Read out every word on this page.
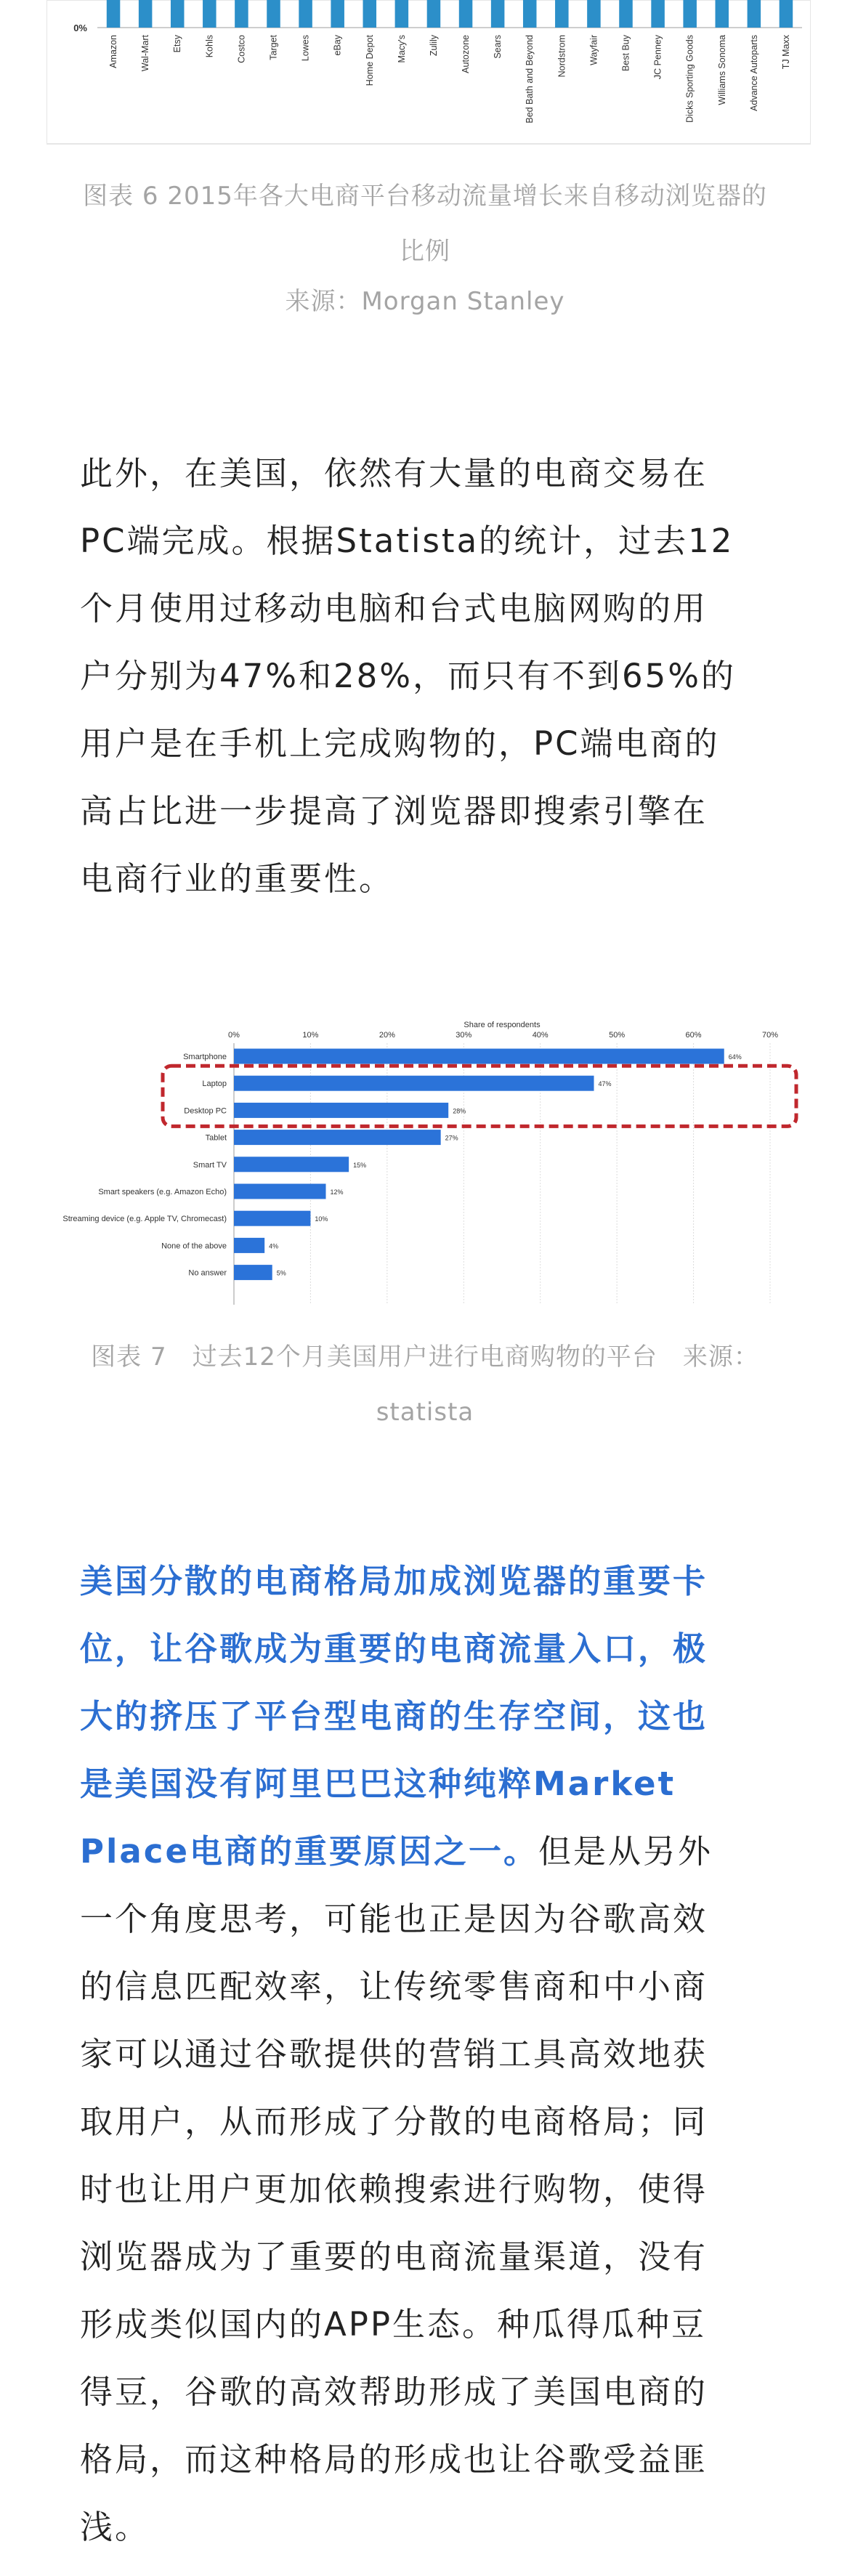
0%
Amazon Wal-Mart Etsy Kohls Costco Target Lowes eBay Home Depot Macy's Zulily Autozone Sears Bed Bath and Beyond Nordstrom Wayfair Best Buy JC Penney Dicks Sporting Goods Williams Sonoma Advance Autoparts TJ Maxx
图表 6 2015年各大电商平台移动流量增长来自移动浏览器的
比例
来源：Morgan Stanley
此外，在美国，依然有大量的电商交易在
PC端完成。根据Statista的统计，过去12
个月使用过移动电脑和台式电脑网购的用
户分别为47%和28%，而只有不到65%的
用户是在手机上完成购物的，PC端电商的
高占比进一步提高了浏览器即搜索引擎在
电商行业的重要性。
Share of respondents
0%	10%	20%	30%	40%	50%	60%	70%
Smartphone	64%
Laptop	47%
Desktop PC	28%
Tablet	27%
Smart TV	15%
Smart speakers (e.g. Amazon Echo)	12%
Streaming device (e.g. Apple TV, Chromecast)	10%
None of the above	4%
No answer	5%
图表 7　过去12个月美国用户进行电商购物的平台　来源：
statista
美国分散的电商格局加成浏览器的重要卡
位，让谷歌成为重要的电商流量入口，极
大的挤压了平台型电商的生存空间，这也
是美国没有阿里巴巴这种纯粹Market
Place电商的重要原因之一。但是从另外
一个角度思考，可能也正是因为谷歌高效
的信息匹配效率，让传统零售商和中小商
家可以通过谷歌提供的营销工具高效地获
取用户，从而形成了分散的电商格局；同
时也让用户更加依赖搜索进行购物，使得
浏览器成为了重要的电商流量渠道，没有
形成类似国内的APP生态。种瓜得瓜种豆
得豆，谷歌的高效帮助形成了美国电商的
格局，而这种格局的形成也让谷歌受益匪
浅。
